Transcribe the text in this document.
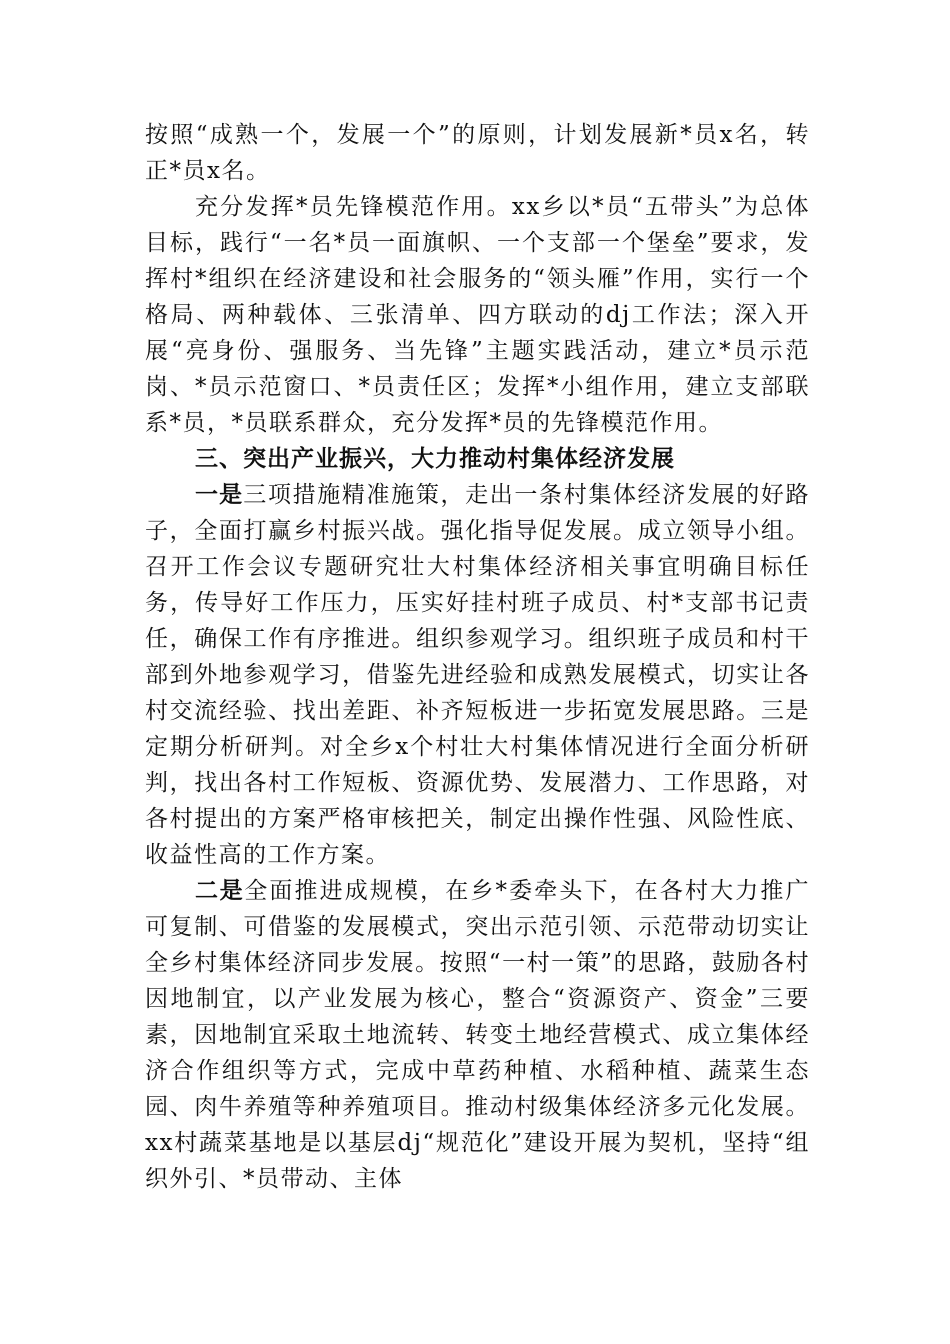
按照“成熟一个，发展一个”的原则，计划发展新*员x名，转正*员x名。

充分发挥*员先锋模范作用。xx乡以*员“五带头”为总体目标，践行“一名*员一面旗帜、一个支部一个堡垒”要求，发挥村*组织在经济建设和社会服务的“领头雁”作用，实行一个格局、两种载体、三张清单、四方联动的dj工作法；深入开展“亮身份、强服务、当先锋”主题实践活动，建立*员示范岗、*员示范窗口、*员责任区；发挥*小组作用，建立支部联系*员，*员联系群众，充分发挥*员的先锋模范作用。

三、突出产业振兴，大力推动村集体经济发展

一是三项措施精准施策，走出一条村集体经济发展的好路子，全面打赢乡村振兴战。强化指导促发展。成立领导小组。召开工作会议专题研究壮大村集体经济相关事宜明确目标任务，传导好工作压力，压实好挂村班子成员、村*支部书记责任，确保工作有序推进。组织参观学习。组织班子成员和村干部到外地参观学习，借鉴先进经验和成熟发展模式，切实让各村交流经验、找出差距、补齐短板进一步拓宽发展思路。三是定期分析研判。对全乡x个村壮大村集体情况进行全面分析研判，找出各村工作短板、资源优势、发展潜力、工作思路，对各村提出的方案严格审核把关，制定出操作性强、风险性底、收益性高的工作方案。

二是全面推进成规模，在乡*委牵头下，在各村大力推广可复制、可借鉴的发展模式，突出示范引领、示范带动切实让全乡村集体经济同步发展。按照“一村一策”的思路，鼓励各村因地制宜，以产业发展为核心，整合“资源资产、资金”三要素，因地制宜采取土地流转、转变土地经营模式、成立集体经济合作组织等方式，完成中草药种植、水稻种植、蔬菜生态园、肉牛养殖等种养殖项目。推动村级集体经济多元化发展。xx村蔬菜基地是以基层dj“规范化”建设开展为契机，坚持“组织外引、*员带动、主体
